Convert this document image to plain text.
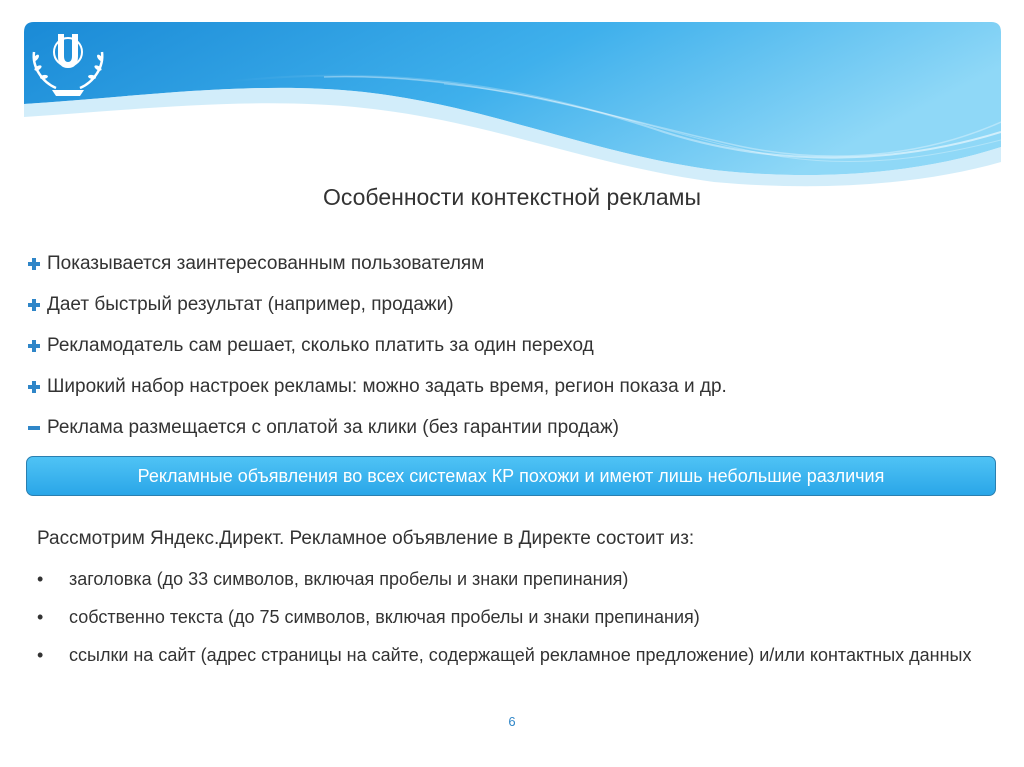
Особенности контекстной рекламы
Показывается заинтересованным пользователям
Дает быстрый результат (например, продажи)
Рекламодатель сам решает, сколько платить за один переход
Широкий набор настроек рекламы: можно задать время, регион показа и др.
Реклама размещается с оплатой за клики (без гарантии продаж)
Рекламные объявления во всех системах КР похожи и имеют лишь небольшие различия
Рассмотрим Яндекс.Директ. Рекламное объявление в Директе состоит из:
•	заголовка (до 33 символов, включая пробелы и знаки препинания)
•	собственно текста (до 75 символов, включая пробелы и знаки препинания)
•	ссылки на сайт (адрес страницы на сайте, содержащей рекламное предложение) и/или контактных данных
6
